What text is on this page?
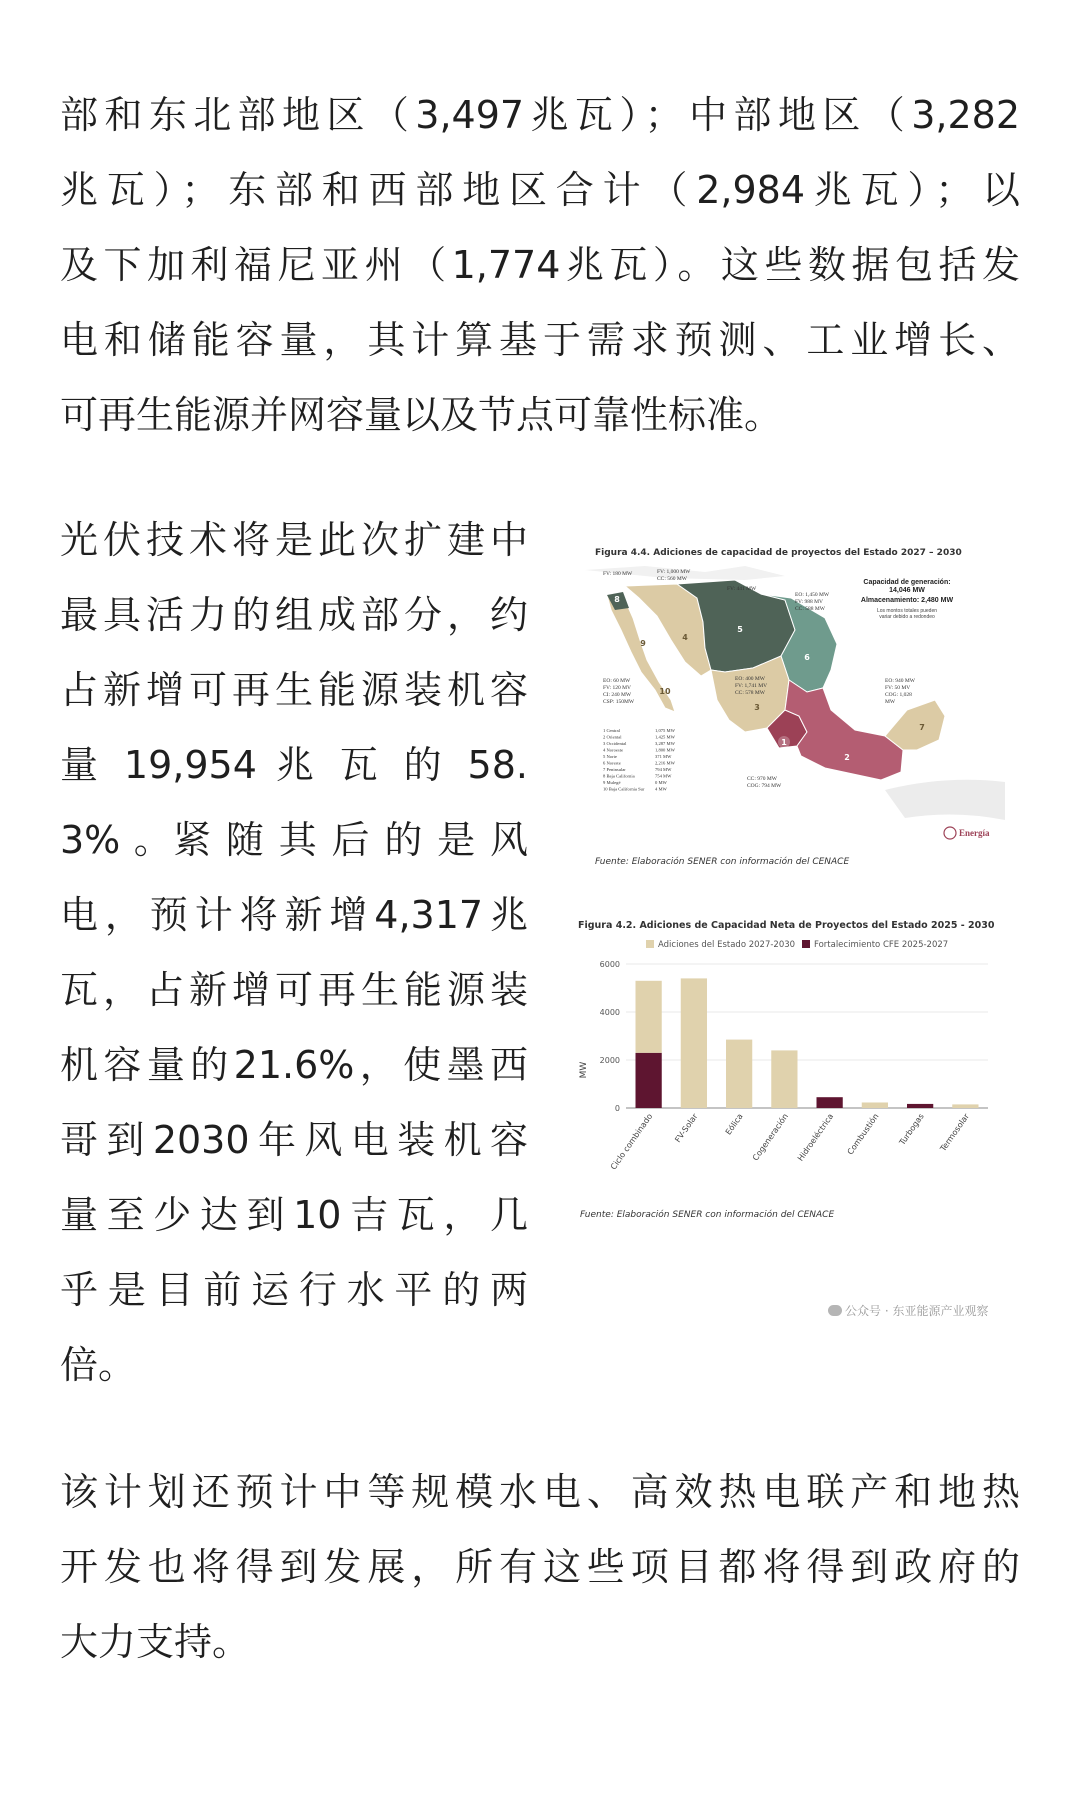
部和东北部地区（3,497兆瓦）；中部地区（3,282
兆瓦）；东部和西部地区合计（2,984兆瓦）；以
及下加利福尼亚州（1,774兆瓦）。这些数据包括发
电和储能容量，其计算基于需求预测、工业增长、
可再生能源并网容量以及节点可靠性标准。
光伏技术将是此次扩建中
最具活力的组成部分，约
占新增可再生能源装机容
量 19,954 兆 瓦 的 58.
3% 。紧 随 其 后 的 是 风
电，预计将新增4,317兆
瓦，占新增可再生能源装
机容量的21.6%，使墨西
哥到2030年风电装机容
量至少达到10吉瓦，几
乎是目前运行水平的两
倍。
该计划还预计中等规模水电、高效热电联产和地热
开发也将得到发展，所有这些项目都将得到政府的
大力支持。
Figura 4.4. Adiciones de capacidad de proyectos del Estado 2027 – 2030
1
2
3
4
5
6
7
8
9
10
FV: 180 MW	FV: 1,000 MW
CC: 560 MW
FV: 441 MW
EO: 1,450 MW
FV: 988 MV
CC: 588 MW
EO: 60 MW
FV: 120 MV
CI: 240 MW
CSP: 150MW
EO: 400 MW
FV: 1,741 MV
CC: 578 MW
EO: 940 MW
FV: 50 MV
COG: 1,028
MW
CC: 970 MW
COG: 794 MW
Capacidad de generación:
14,046 MW
Almacenamiento: 2,480 MW
Los montos totales pueden
variar debido a redondeo
1 Central
2 Oriental
3 Occidental
4 Noroeste
5 Norte
6 Noreste
7 Peninsular
8 Baja California
9 Mulegé
10 Baja California Sur
1,075 MW
1,425 MW
3,287 MW
1,800 MW
371 MW
2,216 MW
794 MW
754 MW
0 MW
4 MW
Energía
Fuente: Elaboración SENER con información del CENACE
Figura 4.2. Adiciones de Capacidad Neta de Proyectos del Estado 2025 - 2030
Adiciones del Estado 2027-2030 Fortalecimiento CFE 2025-2027
MW
0
2000
4000
6000
Ciclo combinado FV-Solar	Eólica Cogeneración Hidroeléctrica Combustión Turbogas Termosolar
Fuente: Elaboración SENER con información del CENACE
公众号 · 东亚能源产业观察
